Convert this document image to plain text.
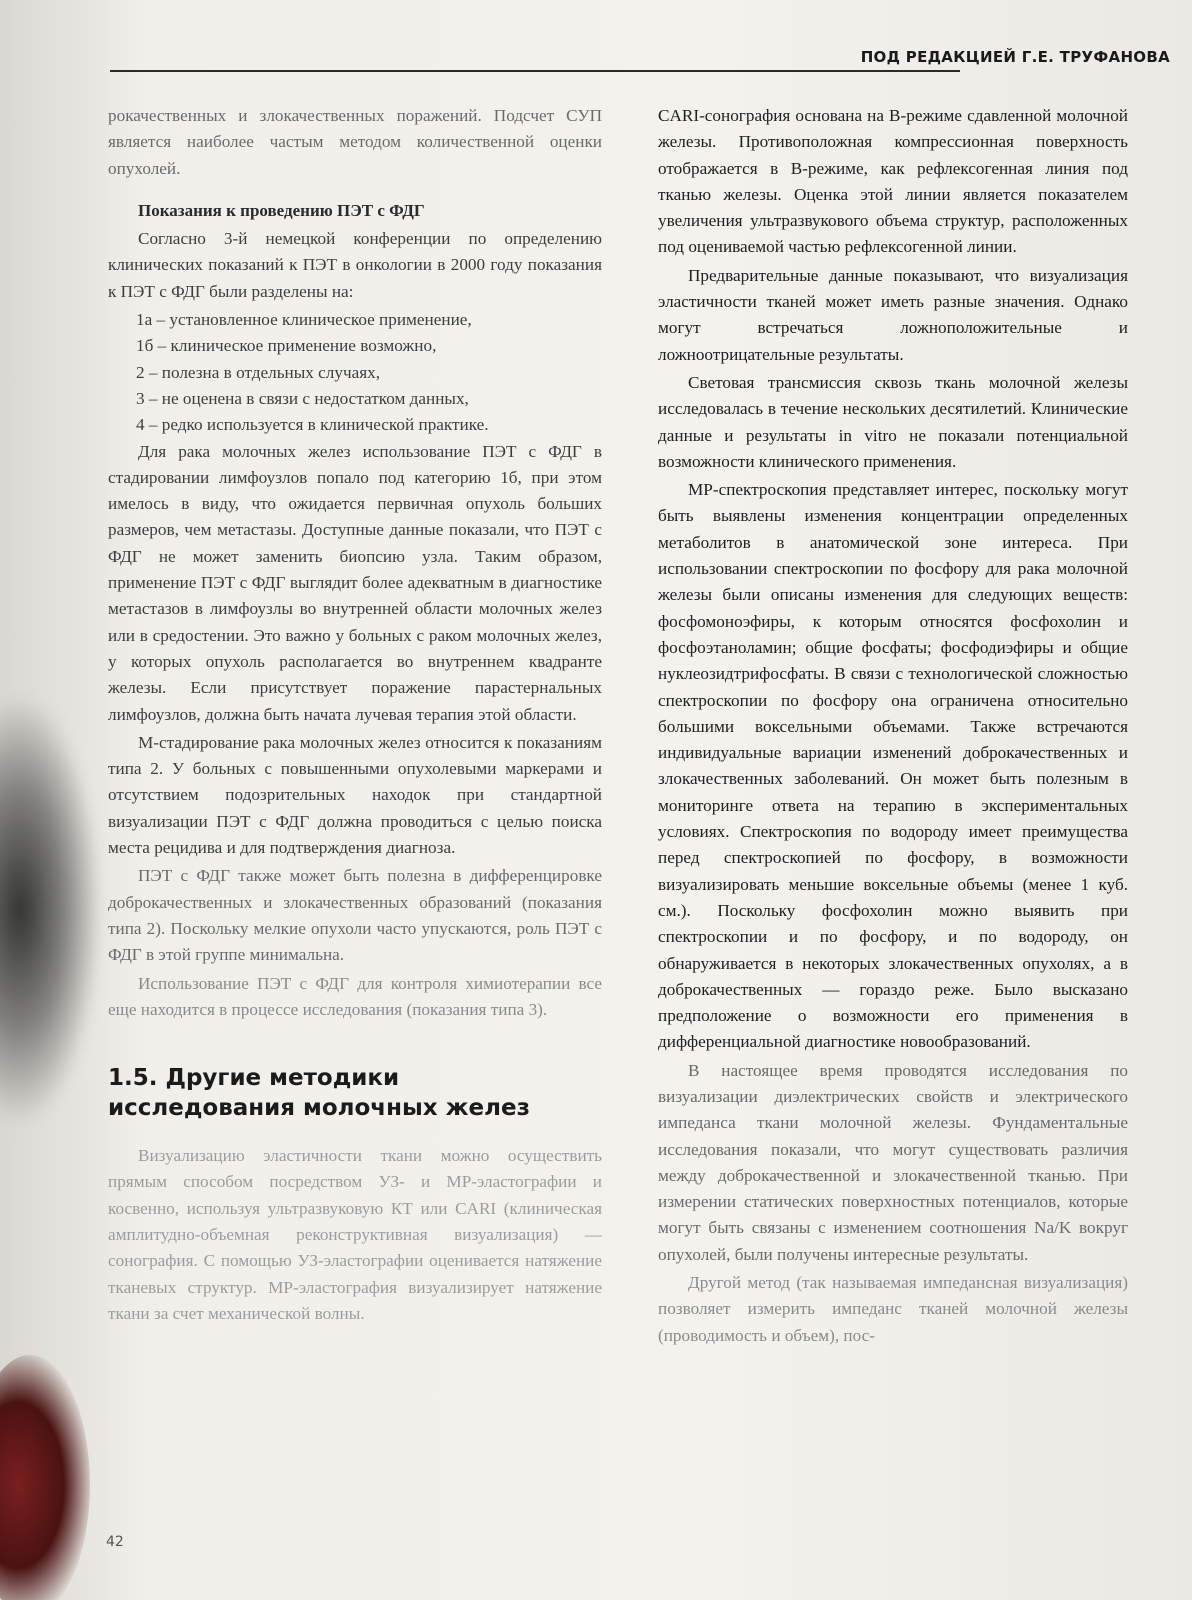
ПОД РЕДАКЦИЕЙ Г.Е. ТРУФАНОВА

рокачественных и злокачественных поражений. Подсчет СУП является наиболее частым методом количественной оценки опухолей.

Показания к проведению ПЭТ с ФДГ

Согласно 3-й немецкой конференции по определению клинических показаний к ПЭТ в онкологии в 2000 году показания к ПЭТ с ФДГ были разделены на:

1а – установленное клиническое применение,
1б – клиническое применение возможно,
2 – полезна в отдельных случаях,
3 – не оценена в связи с недостатком данных,
4 – редко используется в клинической практике.

Для рака молочных желез использование ПЭТ с ФДГ в стадировании лимфоузлов попало под категорию 1б, при этом имелось в виду, что ожидается первичная опухоль больших размеров, чем метастазы. Доступные данные показали, что ПЭТ с ФДГ не может заменить биопсию узла. Таким образом, применение ПЭТ с ФДГ выглядит более адекватным в диагностике метастазов в лимфоузлы во внутренней области молочных желез или в средостении. Это важно у больных с раком молочных желез, у которых опухоль располагается во внутреннем квадранте железы. Если присутствует поражение парастернальных лимфоузлов, должна быть начата лучевая терапия этой области.

М-стадирование рака молочных желез относится к показаниям типа 2. У больных с повышенными опухолевыми маркерами и отсутствием подозрительных находок при стандартной визуализации ПЭТ с ФДГ должна проводиться с целью поиска места рецидива и для подтверждения диагноза.

ПЭТ с ФДГ также может быть полезна в дифференцировке доброкачественных и злокачественных образований (показания типа 2). Поскольку мелкие опухоли часто упускаются, роль ПЭТ с ФДГ в этой группе минимальна.

Использование ПЭТ с ФДГ для контроля химиотерапии все еще находится в процессе исследования (показания типа 3).

1.5. Другие методики
исследования молочных желез

Визуализацию эластичности ткани можно осуществить прямым способом посредством УЗ- и МР-эластографии и косвенно, используя ультразвуковую КТ или CARI (клиническая амплитудно-объемная реконструктивная визуализация) — сонография. С помощью УЗ-эластографии оценивается натяжение тканевых структур. МР-эластография визуализирует натяжение ткани за счет механической волны.

CARI-сонография основана на В-режиме сдавленной молочной железы. Противоположная компрессионная поверхность отображается в В-режиме, как рефлексогенная линия под тканью железы. Оценка этой линии является показателем увеличения ультразвукового объема структур, расположенных под оцениваемой частью рефлексогенной линии.

Предварительные данные показывают, что визуализация эластичности тканей может иметь разные значения. Однако могут встречаться ложноположительные и ложноотрицательные результаты.

Световая трансмиссия сквозь ткань молочной железы исследовалась в течение нескольких десятилетий. Клинические данные и результаты in vitro не показали потенциальной возможности клинического применения.

МР-спектроскопия представляет интерес, поскольку могут быть выявлены изменения концентрации определенных метаболитов в анатомической зоне интереса. При использовании спектроскопии по фосфору для рака молочной железы были описаны изменения для следующих веществ: фосфомоноэфиры, к которым относятся фосфохолин и фосфоэтаноламин; общие фосфаты; фосфодиэфиры и общие нуклеозидтрифосфаты. В связи с технологической сложностью спектроскопии по фосфору она ограничена относительно большими воксельными объемами. Также встречаются индивидуальные вариации изменений доброкачественных и злокачественных заболеваний. Он может быть полезным в мониторинге ответа на терапию в экспериментальных условиях. Спектроскопия по водороду имеет преимущества перед спектроскопией по фосфору, в возможности визуализировать меньшие воксельные объемы (менее 1 куб. см.). Поскольку фосфохолин можно выявить при спектроскопии и по фосфору, и по водороду, он обнаруживается в некоторых злокачественных опухолях, а в доброкачественных — гораздо реже. Было высказано предположение о возможности его применения в дифференциальной диагностике новообразований.

В настоящее время проводятся исследования по визуализации диэлектрических свойств и электрического импеданса ткани молочной железы. Фундаментальные исследования показали, что могут существовать различия между доброкачественной и злокачественной тканью. При измерении статических поверхностных потенциалов, которые могут быть связаны с изменением соотношения Na/K вокруг опухолей, были получены интересные результаты.

Другой метод (так называемая импедансная визуализация) позволяет измерить импеданс тканей молочной железы (проводимость и объем), пос-

42
